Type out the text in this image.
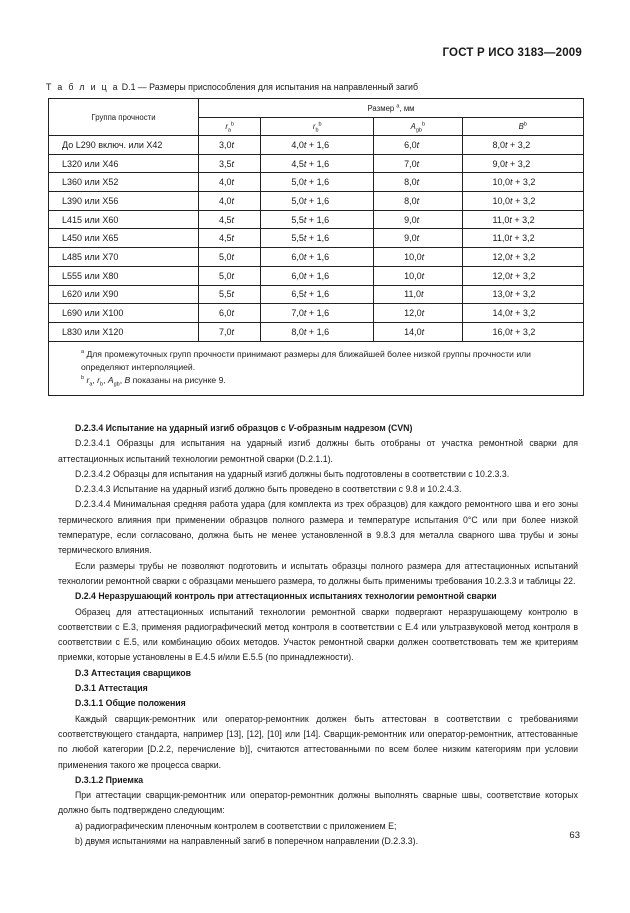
ГОСТ Р ИСО 3183—2009
Т а б л и ц а D.1 — Размеры приспособления для испытания на направленный загиб
Группа прочности	Размер $^а$, мм			
	$r_a^b$	$r_b^b$	$A_{gb}^b$	$B^b$
До L290 включ. или X42	3,0t	4,0t + 1,6	6,0t	8,0t + 3,2
L320 или X46	3,5t	4,5t + 1,6	7,0t	9,0t + 3,2
L360 или X52	4,0t	5,0t + 1,6	8,0t	10,0t + 3,2
L390 или X56	4,0t	5,0t + 1,6	8,0t	10,0t + 3,2
L415 или X60	4,5t	5,5t + 1,6	9,0t	11,0t + 3,2
L450 или X65	4,5t	5,5t + 1,6	9,0t	11,0t + 3,2
L485 или X70	5,0t	6,0t + 1,6	10,0t	12,0t + 3,2
L555 или X80	5,0t	6,0t + 1,6	10,0t	12,0t + 3,2
L620 или X90	5,5t	6,5t + 1,6	11,0t	13,0t + 3,2
L690 или X100	6,0t	7,0t + 1,6	12,0t	14,0t + 3,2
L830 или X120	7,0t	8,0t + 1,6	14,0t	16,0t + 3,2

$^a$ Для промежуточных групп прочности принимают размеры для ближайшей более низкой группы прочности или определяют интерполяцией.

$^b$ $r_a$, $r_b$, $A_{gb}$, B показаны на рисунке 9.				

D.2.3.4 Испытание на ударный изгиб образцов с V-образным надрезом (CVN)

D.2.3.4.1 Образцы для испытания на ударный изгиб должны быть отобраны от участка ремонтной сварки для аттестационных испытаний технологии ремонтной сварки (D.2.1.1).

D.2.3.4.2 Образцы для испытания на ударный изгиб должны быть подготовлены в соответствии с 10.2.3.3.

D.2.3.4.3 Испытание на ударный изгиб должно быть проведено в соответствии с 9.8 и 10.2.4.3.

D.2.3.4.4 Минимальная средняя работа удара (для комплекта из трех образцов) для каждого ремонтного шва и его зоны термического влияния при применении образцов полного размера и температуре испытания 0°С или при более низкой температуре, если согласовано, должна быть не менее установленной в 9.8.3 для металла сварного шва трубы и зоны термического влияния.

Если размеры трубы не позволяют подготовить и испытать образцы полного размера для аттестационных испытаний технологии ремонтной сварки с образцами меньшего размера, то должны быть применимы требования 10.2.3.3 и таблицы 22.

D.2.4 Неразрушающий контроль при аттестационных испытаниях технологии ремонтной сварки

Образец для аттестационных испытаний технологии ремонтной сварки подвергают неразрушающему контролю в соответствии с Е.3, применяя радиографический метод контроля в соответствии с Е.4 или ультразвуковой метод контроля в соответствии с Е.5, или комбинацию обоих методов. Участок ремонтной сварки должен соответствовать тем же критериям приемки, которые установлены в Е.4.5 и/или Е.5.5 (по принадлежности).

D.3 Аттестация сварщиков

D.3.1 Аттестация

D.3.1.1 Общие положения

Каждый сварщик-ремонтник или оператор-ремонтник должен быть аттестован в соответствии с требованиями соответствующего стандарта, например [13], [12], [10] или [14]. Сварщик-ремонтник или оператор-ремонтник, аттестованные по любой категории [D.2.2, перечисление b)], считаются аттестованными по всем более низким категориям при условии применения такого же процесса сварки.

D.3.1.2 Приемка

При аттестации сварщик-ремонтник или оператор-ремонтник должны выполнять сварные швы, соответствие которых должно быть подтверждено следующим:

a) радиографическим пленочным контролем в соответствии с приложением Е;

b) двумя испытаниями на направленный загиб в поперечном направлении (D.2.3.3).

63
